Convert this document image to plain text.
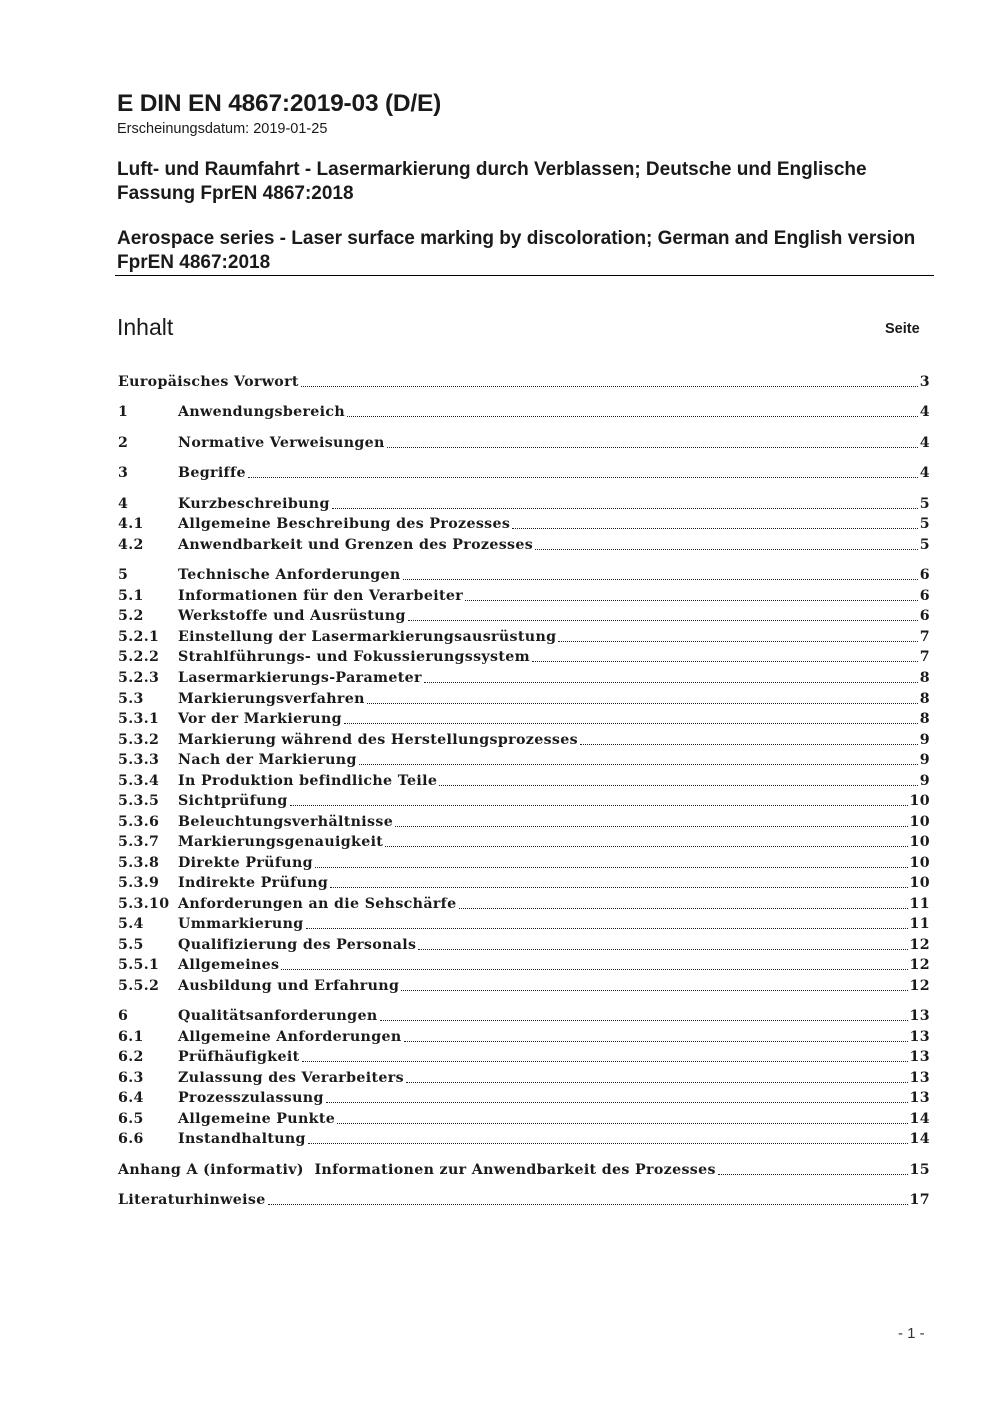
E DIN EN 4867:2019-03 (D/E)
Erscheinungsdatum: 2019-01-25
Luft- und Raumfahrt - Lasermarkierung durch Verblassen; Deutsche und Englische Fassung FprEN 4867:2018
Aerospace series - Laser surface marking by discoloration; German and English version FprEN 4867:2018
Inhalt	Seite
Europäisches Vorwort	3
1	Anwendungsbereich	4
2	Normative Verweisungen	4
3	Begriffe	4
4	Kurzbeschreibung	5
4.1	Allgemeine Beschreibung des Prozesses	5
4.2	Anwendbarkeit und Grenzen des Prozesses	5
5	Technische Anforderungen	6
5.1	Informationen für den Verarbeiter	6
5.2	Werkstoffe und Ausrüstung	6
5.2.1	Einstellung der Lasermarkierungsausrüstung	7
5.2.2	Strahlführungs- und Fokussierungssystem	7
5.2.3	Lasermarkierungs-Parameter	8
5.3	Markierungsverfahren	8
5.3.1	Vor der Markierung	8
5.3.2	Markierung während des Herstellungsprozesses	9
5.3.3	Nach der Markierung	9
5.3.4	In Produktion befindliche Teile	9
5.3.5	Sichtprüfung	10
5.3.6	Beleuchtungsverhältnisse	10
5.3.7	Markierungsgenauigkeit	10
5.3.8	Direkte Prüfung	10
5.3.9	Indirekte Prüfung	10
5.3.10 Anforderungen an die Sehschärfe	11
5.4	Ummarkierung	11
5.5	Qualifizierung des Personals	12
5.5.1	Allgemeines	12
5.5.2	Ausbildung und Erfahrung	12
6	Qualitätsanforderungen	13
6.1	Allgemeine Anforderungen	13
6.2	Prüfhäufigkeit	13
6.3	Zulassung des Verarbeiters	13
6.4	Prozesszulassung	13
6.5	Allgemeine Punkte	14
6.6	Instandhaltung	14
Anhang A (informativ)  Informationen zur Anwendbarkeit des Prozesses	15
Literaturhinweise	17
- 1 -
